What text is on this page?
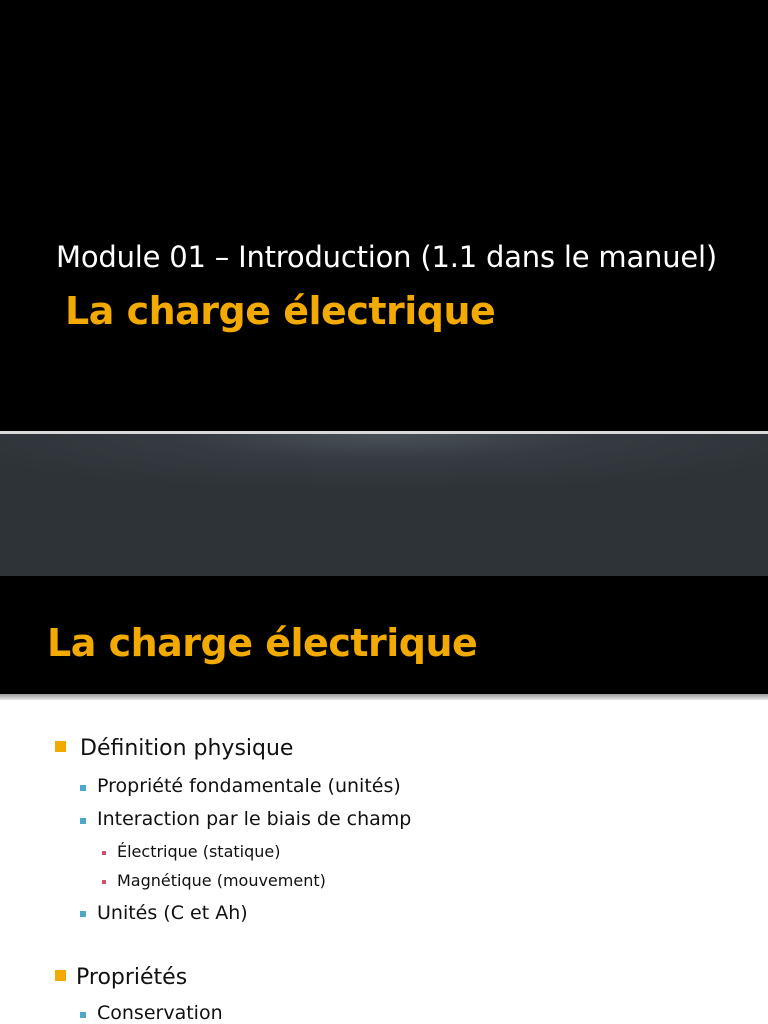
Module 01 – Introduction (1.1 dans le manuel)
La charge électrique
La charge électrique
Définition physique
Propriété fondamentale (unités)
Interaction par le biais de champ
Électrique (statique)
Magnétique (mouvement)
Unités (C et Ah)
Propriétés
Conservation
